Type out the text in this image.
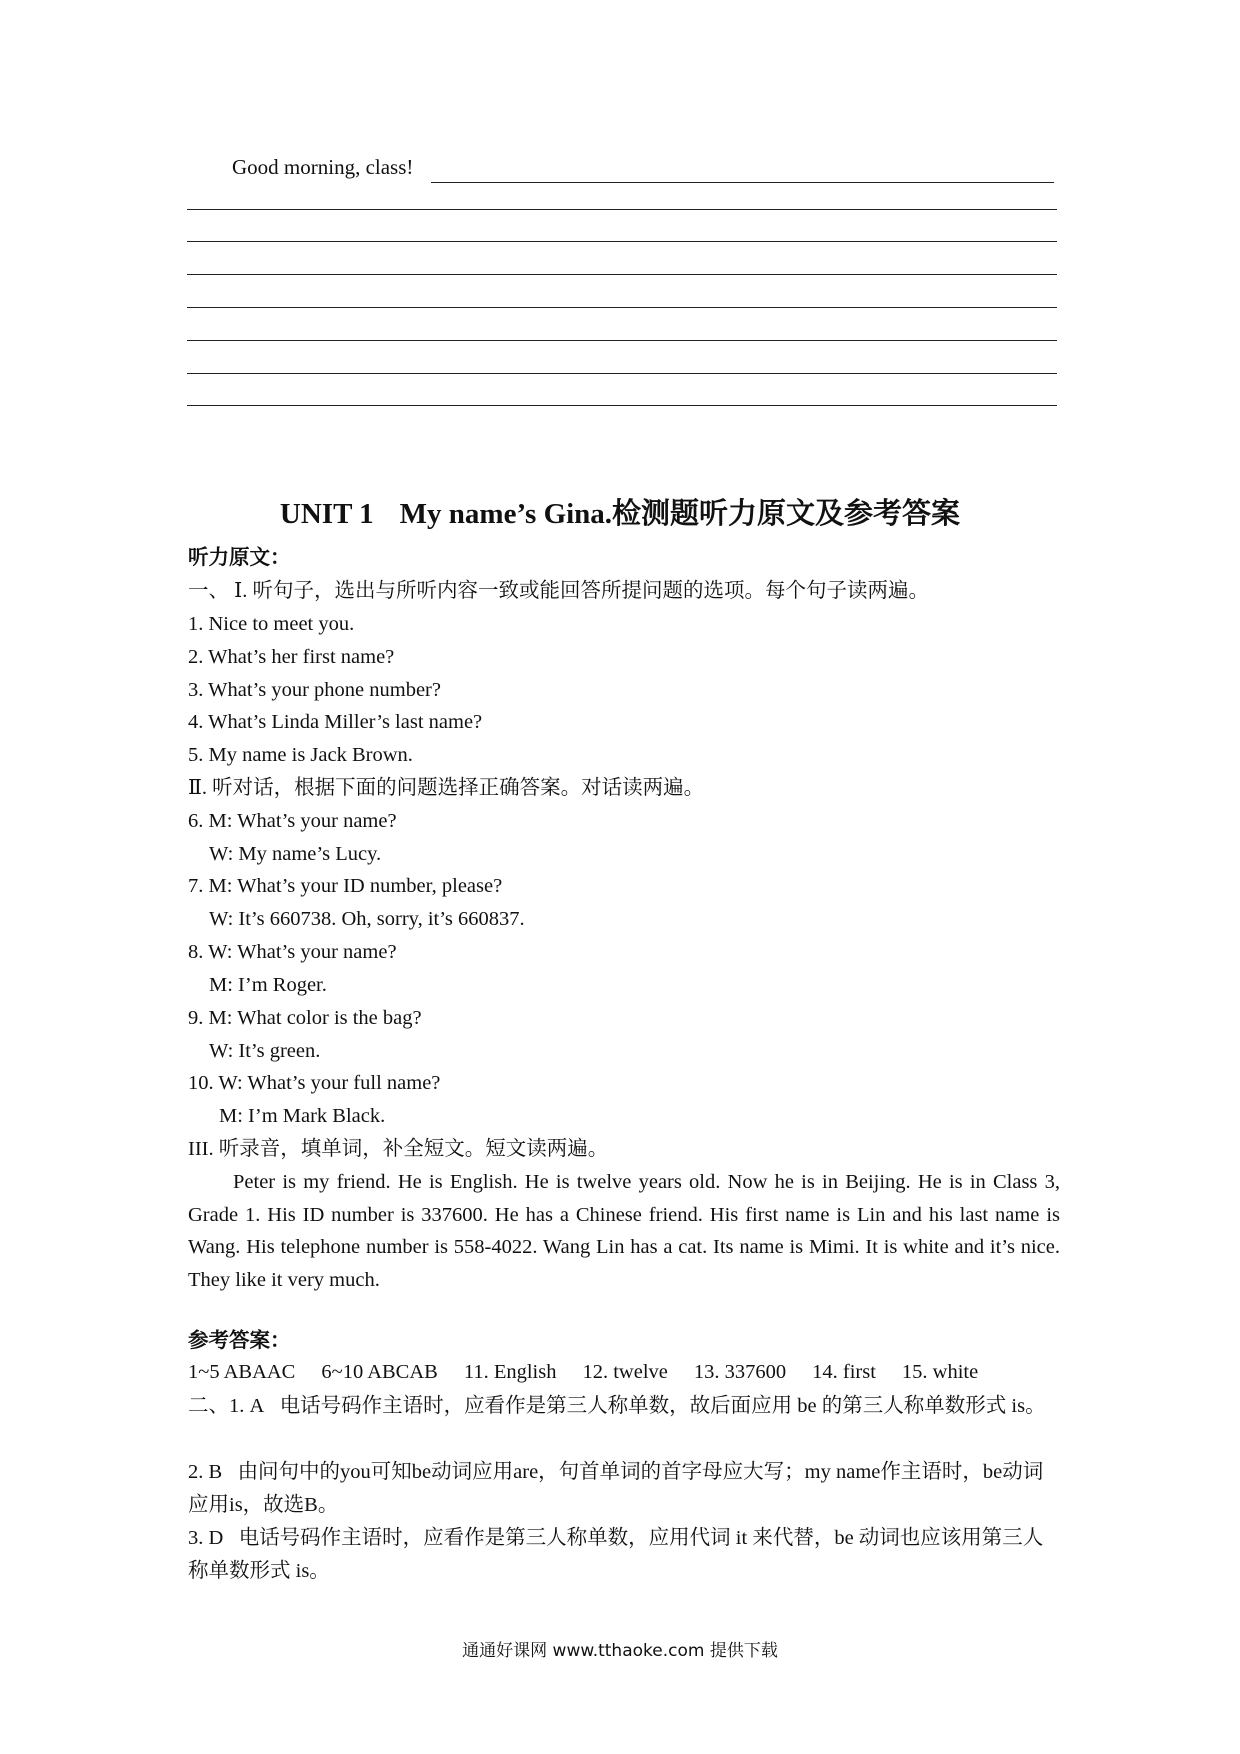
Good morning, class!
UNIT 1 My name’s Gina.检测题听力原文及参考答案
听力原文：
一、 Ⅰ. 听句子，选出与所听内容一致或能回答所提问题的选项。每个句子读两遍。
1. Nice to meet you.
2. What’s her first name?
3. What’s your phone number?
4. What’s Linda Miller’s last name?
5. My name is Jack Brown.
Ⅱ. 听对话，根据下面的问题选择正确答案。对话读两遍。
6. M: What’s your name?
W: My name’s Lucy.
7. M: What’s your ID number, please?
W: It’s 660738. Oh, sorry, it’s 660837.
8. W: What’s your name?
M: I’m Roger.
9. M: What color is the bag?
W: It’s green.
10. W: What’s your full name?
M: I’m Mark Black.
III. 听录音，填单词，补全短文。短文读两遍。
Peter is my friend. He is English. He is twelve years old. Now he is in Beijing. He is in Class 3, Grade 1. His ID number is 337600. He has a Chinese friend. His first name is Lin and his last name is Wang. His telephone number is 558-4022. Wang Lin has a cat. Its name is Mimi. It is white and it’s nice. They like it very much.
参考答案：
1~5 ABAAC 6~10 ABCAB 11. English 12. twelve 13. 337600 14. first 15. white
二、1. A 电话号码作主语时，应看作是第三人称单数，故后面应用 be 的第三人称单数形式 is。
2. B 由问句中的you可知be动词应用are，句首单词的首字母应大写；my name作主语时，be动词应用is，故选B。
3. D 电话号码作主语时，应看作是第三人称单数，应用代词 it 来代替，be 动词也应该用第三人称单数形式 is。
通通好课网 www.tthaoke.com 提供下载
